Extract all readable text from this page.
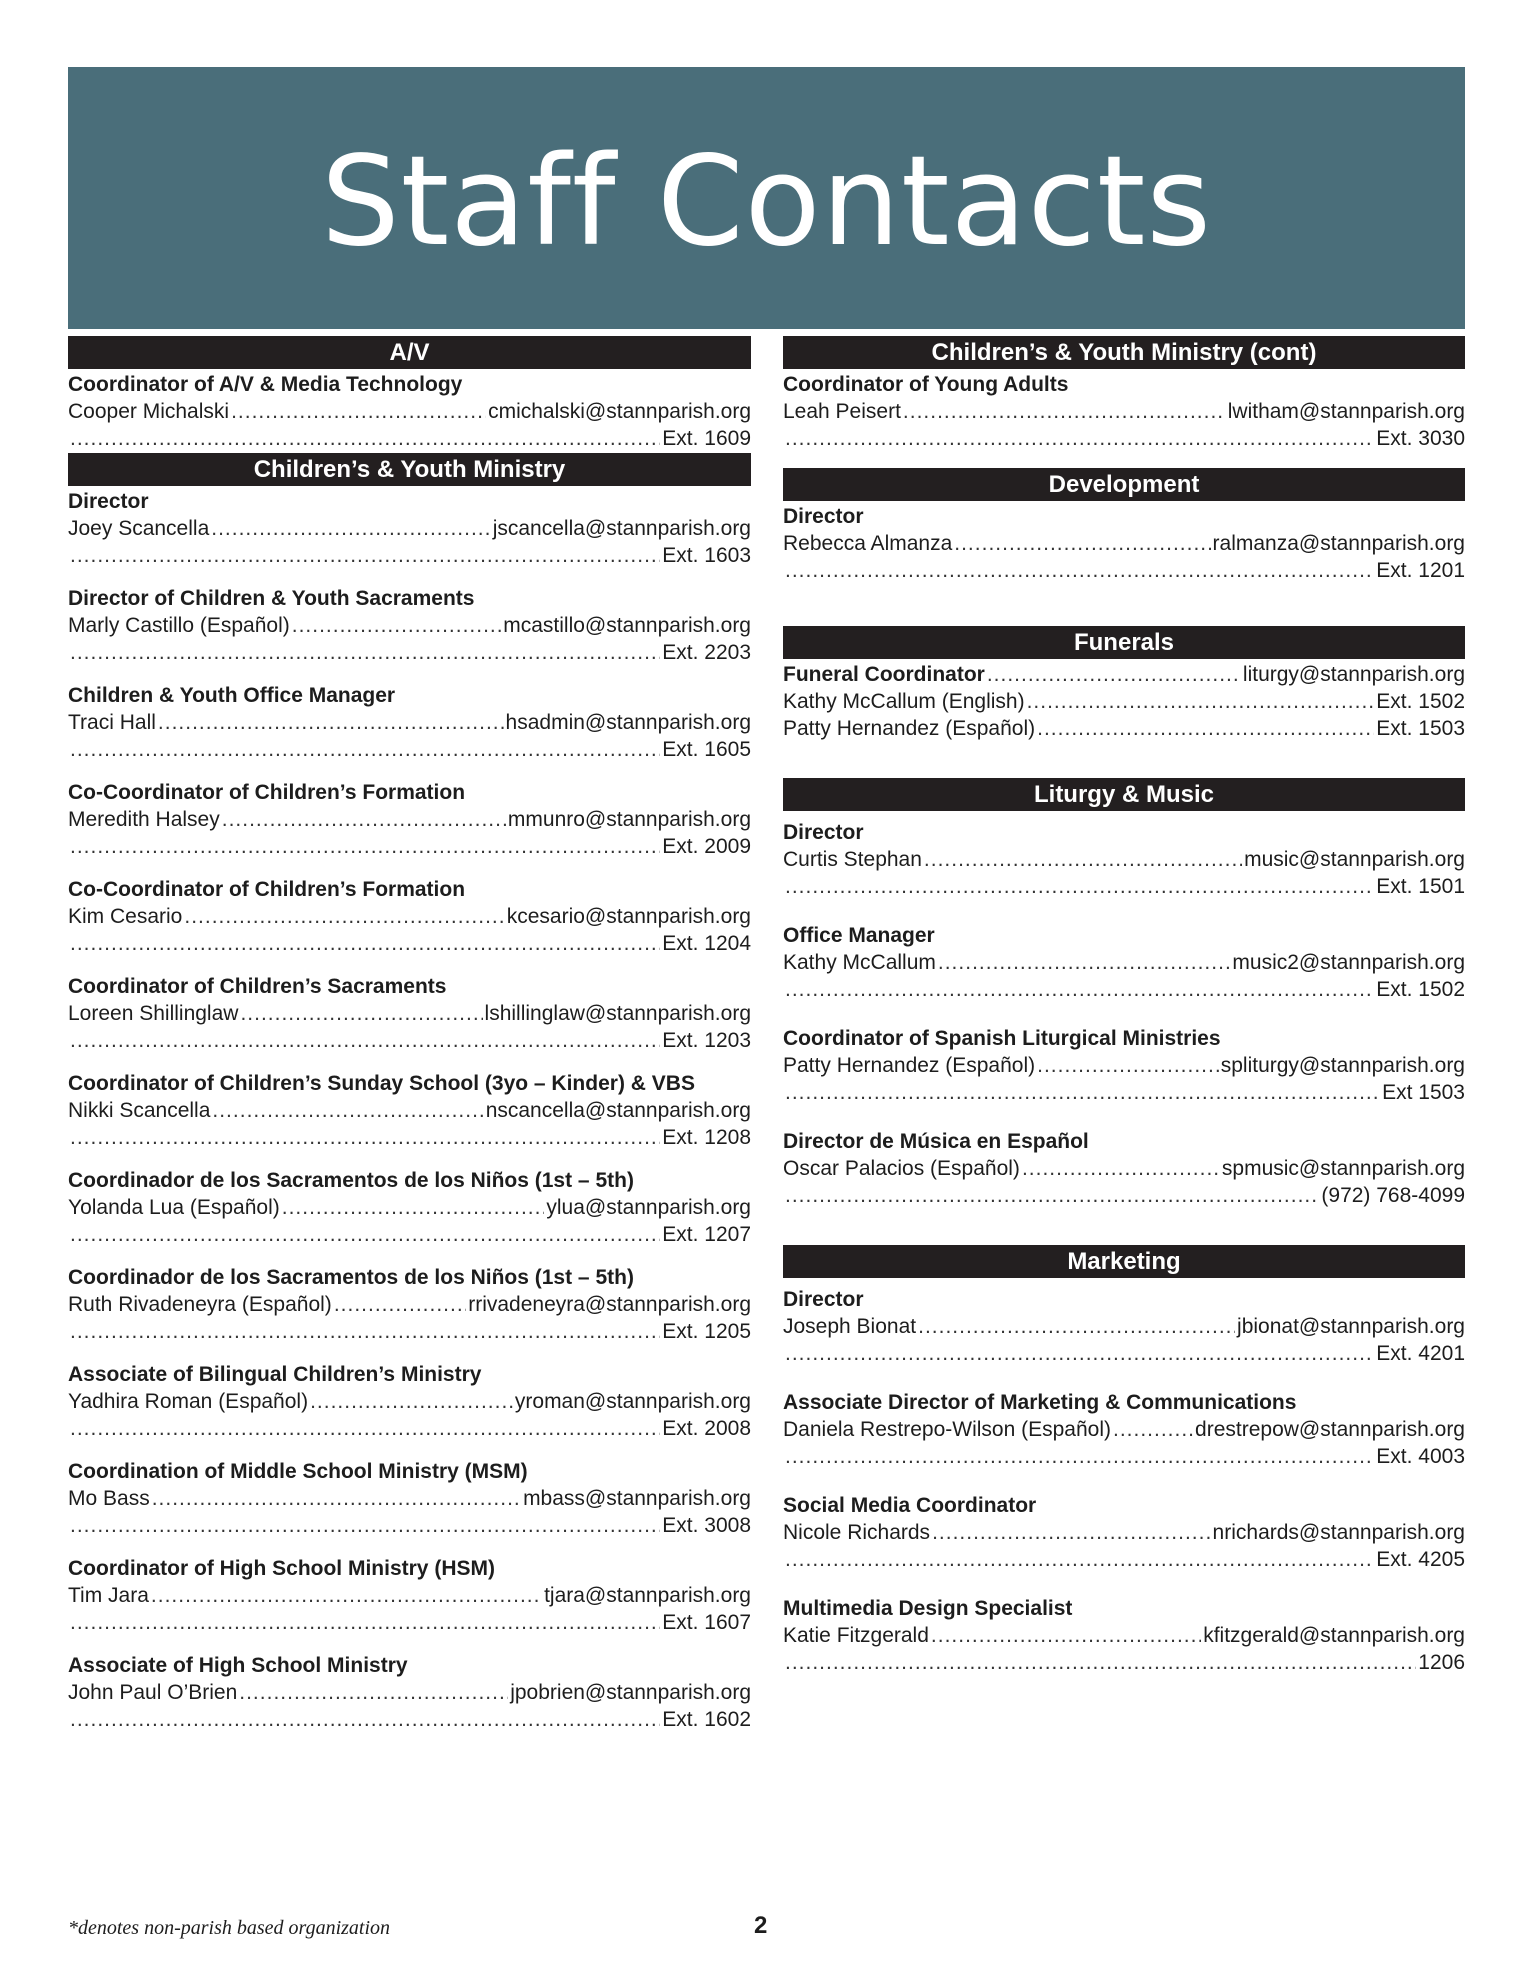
Staff Contacts
A/V
Coordinator of A/V & Media Technology
Cooper Michalski .....	cmichalski@stannparish.org
.....
Ext. 1609
Children’s & Youth Ministry
Director
Joey Scancella .....	jscancella@stannparish.org
.....
Ext. 1603
Director of Children & Youth Sacraments
Marly Castillo (Español) .....	mcastillo@stannparish.org
.....
Ext. 2203
Children & Youth Office Manager
Traci Hall .....	hsadmin@stannparish.org
.....
Ext. 1605
Co-Coordinator of Children’s Formation
Meredith Halsey .....	mmunro@stannparish.org
.....
Ext. 2009
Co-Coordinator of Children’s Formation
Kim Cesario .....	kcesario@stannparish.org
.....
Ext. 1204
Coordinator of Children’s Sacraments
Loreen Shillinglaw .....	lshillinglaw@stannparish.org
.....
Ext. 1203
Coordinator of Children’s Sunday School (3yo – Kinder) & VBS
Nikki Scancella .....	nscancella@stannparish.org
.....
Ext. 1208
Coordinador de los Sacramentos de los Niños (1st – 5th)
Yolanda Lua (Español) .....	ylua@stannparish.org
.....
Ext. 1207
Coordinador de los Sacramentos de los Niños (1st – 5th)
Ruth Rivadeneyra (Español) .....	rrivadeneyra@stannparish.org
.....
Ext. 1205
Associate of Bilingual Children’s Ministry
Yadhira Roman (Español) .....	yroman@stannparish.org
.....
Ext. 2008
Coordination of Middle School Ministry (MSM)
Mo Bass .....	mbass@stannparish.org
.....
Ext. 3008
Coordinator of High School Ministry (HSM)
Tim Jara .....	tjara@stannparish.org
.....
Ext. 1607
Associate of High School Ministry
John Paul O’Brien .....	jpobrien@stannparish.org
.....
Ext. 1602
Children’s & Youth Ministry (cont)
Coordinator of Young Adults
Leah Peisert .....	lwitham@stannparish.org
.....
Ext. 3030
Development
Director
Rebecca Almanza .....	ralmanza@stannparish.org
.....
Ext. 1201
Funerals
Funeral Coordinator .....	liturgy@stannparish.org
Kathy McCallum (English) .....	Ext. 1502
Patty Hernandez (Español) .....	Ext. 1503
Liturgy & Music
Director
Curtis Stephan .....	music@stannparish.org
.....
Ext. 1501
Office Manager
Kathy McCallum .....	music2@stannparish.org
.....
Ext. 1502
Coordinator of Spanish Liturgical Ministries
Patty Hernandez (Español) .....	spliturgy@stannparish.org
.....
Ext 1503
Director de Música en Español
Oscar Palacios (Español) .....	spmusic@stannparish.org
.....
(972) 768-4099
Marketing
Director
Joseph Bionat .....	jbionat@stannparish.org
.....
Ext. 4201
Associate Director of Marketing & Communications
Daniela Restrepo-Wilson (Español) .....	drestrepow@stannparish.org
.....
Ext. 4003
Social Media Coordinator
Nicole Richards .....	nrichards@stannparish.org
.....
Ext. 4205
Multimedia Design Specialist
Katie Fitzgerald .....	kfitzgerald@stannparish.org
.....
1206
*denotes non-parish based organization	2
